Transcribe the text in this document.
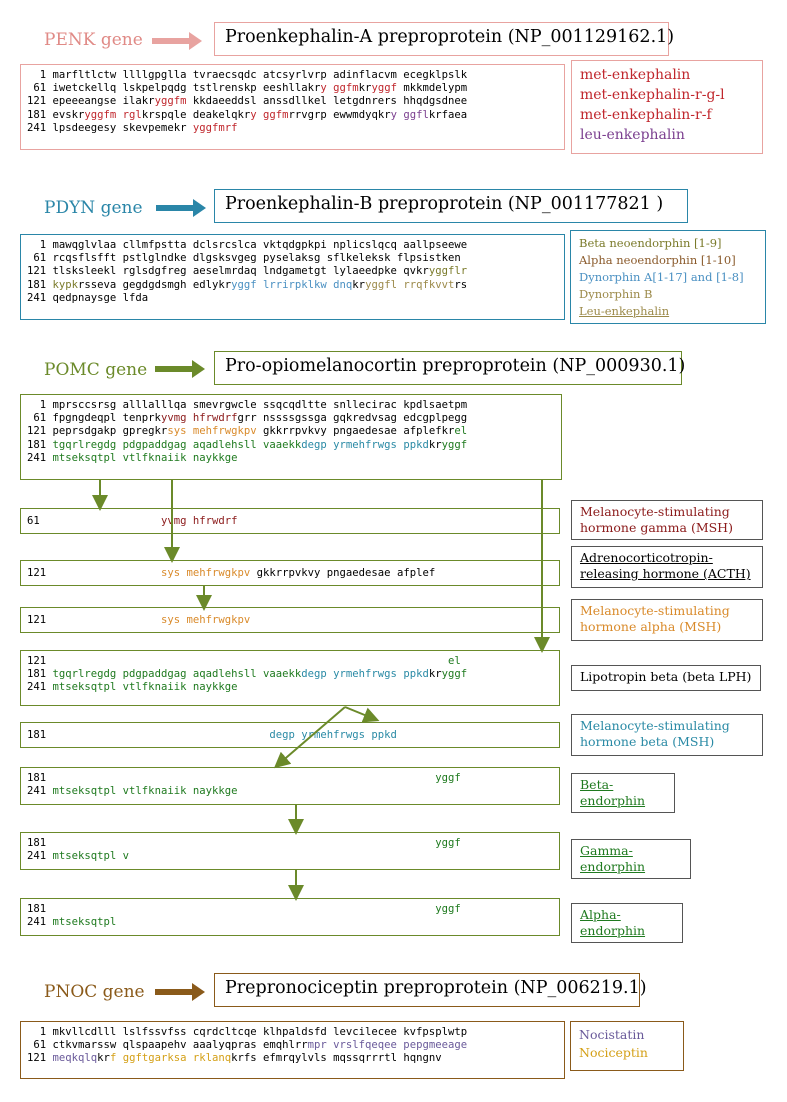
PENK gene	Proenkephalin-A preproprotein (NP_001129162.1)
1 marfltlctw llllgpglla tvraecsqdc atcsyrlvrp adinflacvm ecegklpslk
61 iwetckellq lskpelpqdg tstlrenskp eeshllakry ggfmkryggf mkkmdelypm
121 epeeeangse ilakryggfm kkdaeeddsl anssdllkel letgdnrers hhqdgsdnee
181 evskryggfm rglkrspqle deakelqkry ggfmrrvgrp ewwmdyqkry ggflkrfaea
241 lpsdeegesy skevpemekr yggfmrf
met-enkephalin
met-enkephalin-r-g-l
met-enkephalin-r-f
leu-enkephalin
PDYN gene	Proenkephalin-B preproprotein (NP_001177821 )
1 mawqglvlaa cllmfpstta dclsrcslca vktqdgpkpi nplicslqcq aallpseewe
61 rcqsflsfft pstlglndke dlgsksvgeg pysela​ksg sflkeleksk flpsistken
121 tlsksleekl rglsdgfreg aeselmrdaq lndgametgt lylaeedpke qvkryggflr
181 kypkrsseva gegdgdsmgh edlykryggf lrrirpklkw dnqkryggfl rrqfkvvtrs
241 qedpnaysge lfda
Beta neoendorphin [1-9]
Alpha neoendorphin [1-10]
Dynorphin A[1-17] and [1-8]
Dynorphin B
Leu-enkephalin
POMC gene	Pro-opiomelanocortin preproprotein (NP_000930.1)
1 mprsccsrsg alllalllqa smevrgwcle ssqcqdltte snllecirac kpdlsaetpm
61 fpgngdeqpl tenprkyvmg hfrwdrfgrr nssssgssga gqkredvsag edcgplpegg
121 peprsdgakp gpregkrsys mehfrwgkpv gkkrrpvkvy pngaedesae afplefkrel
181 tgqrlregdg pdgpaddgag aqadlehsll vaaekkdegp yrmehfrwgs ppkdkryggf
241 mtseksqtpl vtlfknaiik naykkge
61	yvmg hfrwdrf
Melanocyte-stimulating hormone gamma (MSH)
121	sys mehfrwgkpv gkkrrpvkvy pngaedesae afplef
Adrenocorticotropin-releasing hormone (ACTH)
121	sys mehfrwgkpv
Melanocyte-stimulating hormone alpha (MSH)
121	el
181 tgqrlregdg pdgpaddgag aqadlehsll vaaekkdegp yrmehfrwgs ppkdkryggf
241 mtseksqtpl vtlfknaiik naykkge
Lipotropin beta (beta LPH)
181	degp yrmehfrwgs ppkd
Melanocyte-stimulating hormone beta (MSH)
181	yggf
241 mtseksqtpl vtlfknaiik naykkge	Beta-endorphin
181	yggf
241 mtseksqtpl v	Gamma-endorphin
181	yggf
241 mtseksqtpl
Alpha-endorphin
PNOC gene	Prepronociceptin preproprotein (NP_006219.1)
1 mkvllcdlll lslfssvfss cqrdcltcqe klhpaldsfd levcilecee kvfpsplwtp
61 ctkvmarssw qlspaapehv aaalyqpras emqhlrrmpr vrslfqeqee pepgmeeage
121 meqkqlqkrf ggftgarksa rklanqkrfs efmrqylvls mqssqrrrtl hqngnv
Nocistatin
Nociceptin
